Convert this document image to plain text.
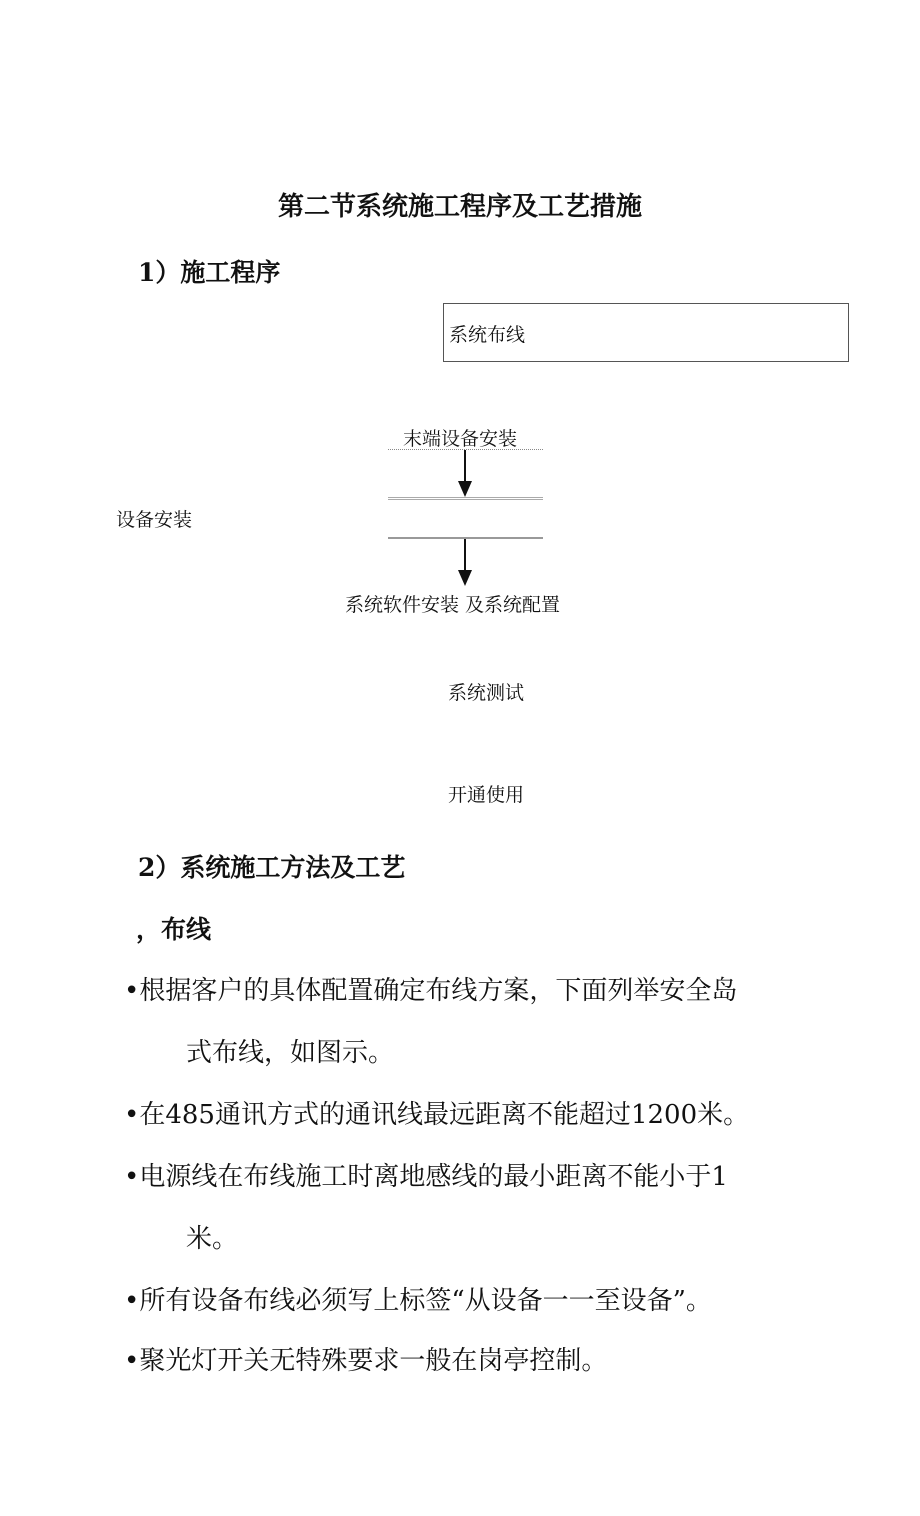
第二节系统施工程序及工艺措施
1）施工程序
系统布线
末端设备安装
设备安装
系统软件安装 及系统配置
系统测试
开通使用
2）系统施工方法及工艺
，布线
•根据客户的具体配置确定布线方案，下面列举安全岛
式布线，如图示。
•在485通讯方式的通讯线最远距离不能超过1200米。
•电源线在布线施工时离地感线的最小距离不能小于1
米。
•所有设备布线必须写上标签“从设备一一至设备”。
•聚光灯开关无特殊要求一般在岗亭控制。
